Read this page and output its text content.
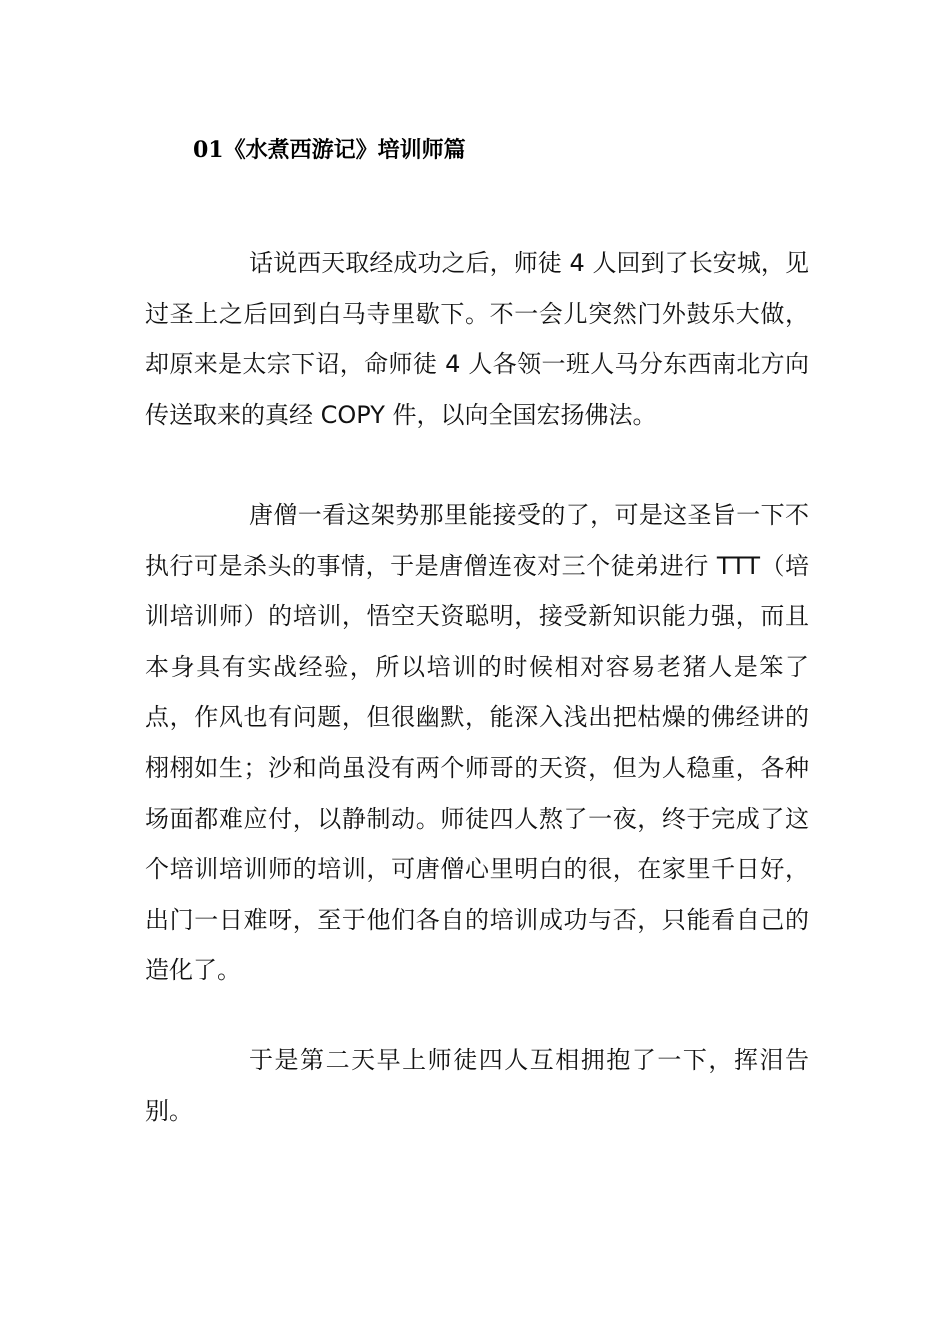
01《水煮西游记》培训师篇

话说西天取经成功之后，师徒 4 人回到了长安城，见过圣上之后回到白马寺里歇下。不一会儿突然门外鼓乐大做，却原来是太宗下诏，命师徒 4 人各领一班人马分东西南北方向传送取来的真经 COPY 件，以向全国宏扬佛法。

唐僧一看这架势那里能接受的了，可是这圣旨一下不执行可是杀头的事情，于是唐僧连夜对三个徒弟进行 TTT（培训培训师）的培训，悟空天资聪明，接受新知识能力强，而且本身具有实战经验，所以培训的时候相对容易老猪人是笨了点，作风也有问题，但很幽默，能深入浅出把枯燥的佛经讲的栩栩如生；沙和尚虽没有两个师哥的天资，但为人稳重，各种场面都难应付，以静制动。师徒四人熬了一夜，终于完成了这个培训培训师的培训，可唐僧心里明白的很，在家里千日好，出门一日难呀，至于他们各自的培训成功与否，只能看自己的造化了。

于是第二天早上师徒四人互相拥抱了一下，挥泪告别。
